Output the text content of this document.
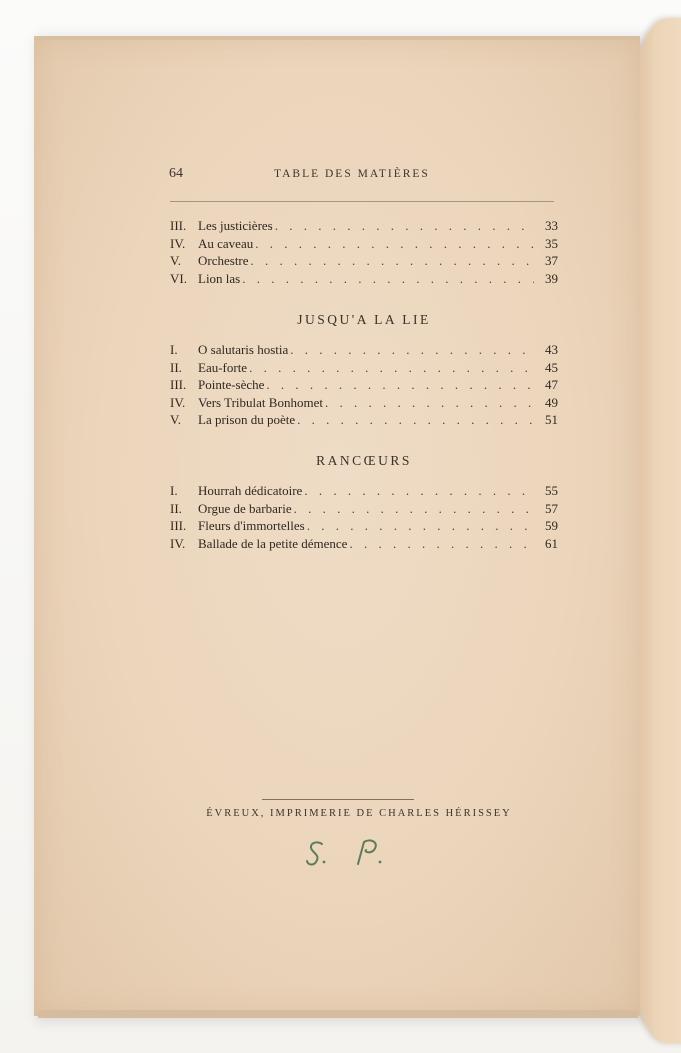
64	TABLE DES MATIÈRES
III. Les justicières . . .	33
IV. Au caveau . . .	35
V.	Orchestre . . .	37
VI. Lion las . . .	39
JUSQU'A LA LIE
I.	O salutaris hostia . . .	43
II.	Eau-forte . . .	45
III. Pointe-sèche . . .	47
IV. Vers Tribulat Bonhomet . . .	49
V.	La prison du poète . . .	51
RANCŒURS
I.	Hourrah dédicatoire . . .	55
II.	Orgue de barbarie . . .	57
III. Fleurs d'immortelles . . .	59
IV. Ballade de la petite démence . . .	61
ÉVREUX, IMPRIMERIE DE CHARLES HÉRISSEY
